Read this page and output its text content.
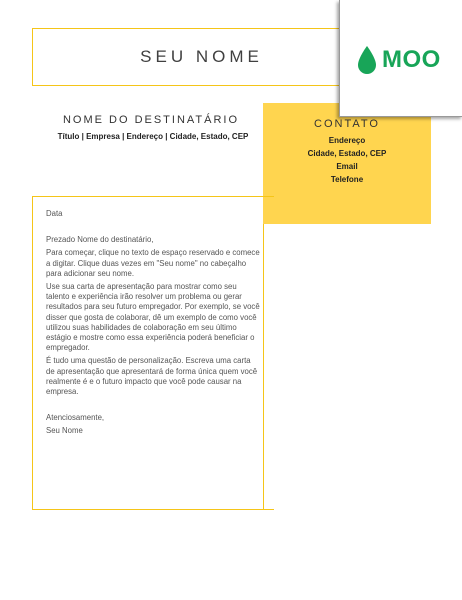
SEU NOME
NOME DO DESTINATÁRIO
Título | Empresa | Endereço | Cidade, Estado, CEP
CONTATO
Endereço
Cidade, Estado, CEP
Email
Telefone
MOO

Data

Prezado Nome do destinatário,

Para começar, clique no texto de espaço reservado e comece a digitar. Clique duas vezes em "Seu nome" no cabeçalho para adicionar seu nome.

Use sua carta de apresentação para mostrar como seu talento e experiência irão resolver um problema ou gerar resultados para seu futuro empregador. Por exemplo, se você disser que gosta de colaborar, dê um exemplo de como você utilizou suas habilidades de colaboração em seu último estágio e mostre como essa experiência poderá beneficiar o empregador.

É tudo uma questão de personalização. Escreva uma carta de apresentação que apresentará de forma única quem você realmente é e o futuro impacto que você pode causar na empresa.

Atenciosamente,

Seu Nome
